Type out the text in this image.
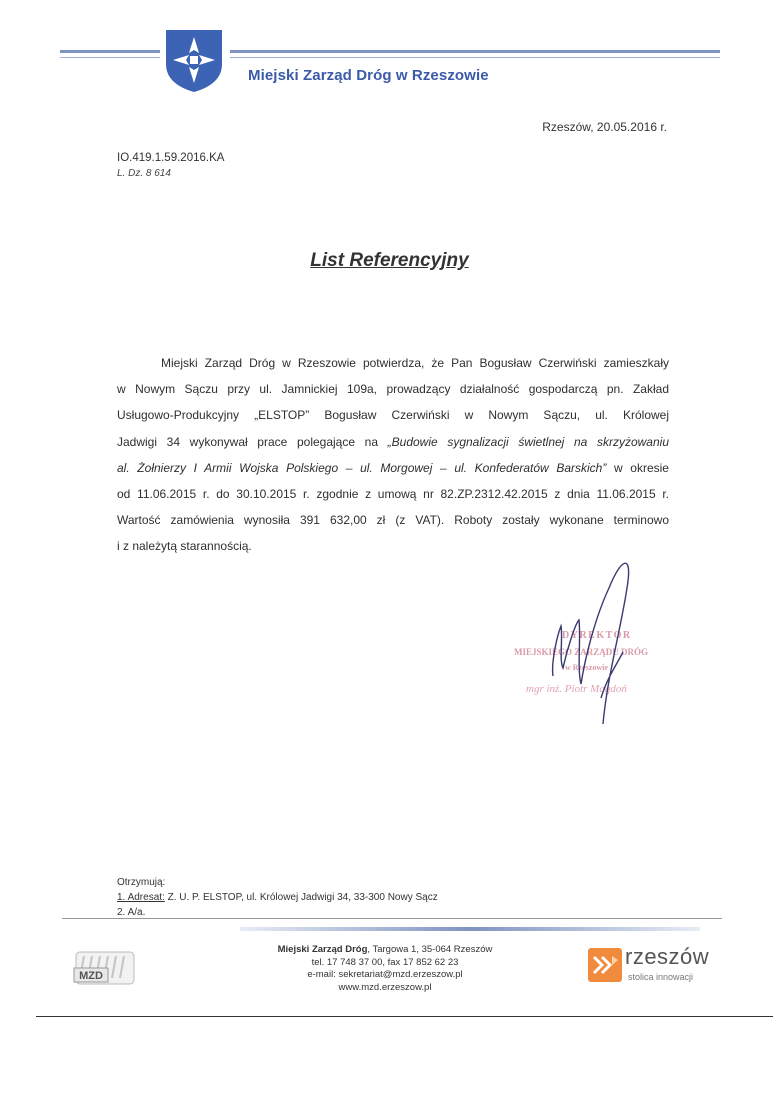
Miejski Zarząd Dróg w Rzeszowie
Rzeszów, 20.05.2016 r.
IO.419.1.59.2016.KA
L. Dz. 8 614
List Referencyjny
Miejski Zarząd Dróg w Rzeszowie potwierdza, że Pan Bogusław Czerwiński zamieszkały
w Nowym Sączu przy ul. Jamnickiej 109a, prowadzący działalność gospodarczą pn. Zakład
Usługowo-Produkcyjny „ELSTOP” Bogusław Czerwiński w Nowym Sączu, ul. Królowej
Jadwigi 34 wykonywał prace polegające na „Budowie sygnalizacji świetlnej na skrzyżowaniu
al. Żołnierzy I Armii Wojska Polskiego – ul. Morgowej – ul. Konfederatów Barskich” w okresie
od 11.06.2015 r. do 30.10.2015 r. zgodnie z umową nr 82.ZP.2312.42.2015 z dnia 11.06.2015 r.
Wartość zamówienia wynosiła 391 632,00 zł (z VAT). Roboty zostały wykonane terminowo
i z należytą starannością.
DYREKTOR
MIEJSKIEGO ZARZĄDU DRÓG
w Rzeszowie
mgr inż. Piotr Magdoń
Otrzymują:
1. Adresat: Z. U. P. ELSTOP, ul. Królowej Jadwigi 34, 33-300 Nowy Sącz
2. A/a.
MZD
Miejski Zarząd Dróg, Targowa 1, 35-064 Rzeszów
tel. 17 748 37 00, fax 17 852 62 23
e-mail: sekretariat@mzd.erzeszow.pl
www.mzd.erzeszow.pl
rzeszów
stolica innowacji
